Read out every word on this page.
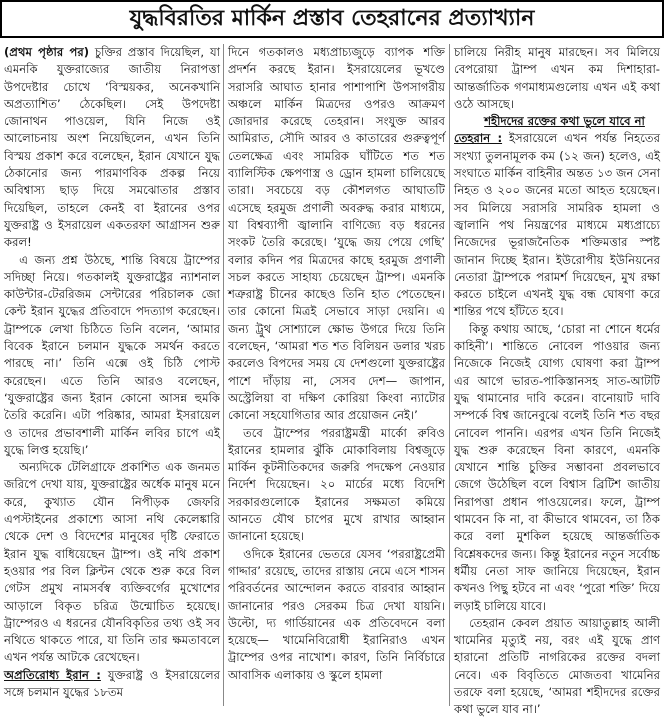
যুদ্ধবিরতির মার্কিন প্রস্তাব তেহরানের প্রত্যাখ্যান

(প্রথম পৃষ্ঠার পর) চুক্তির প্রস্তাব দিয়েছিল, যা এমনকি যুক্তরাজ্যের জাতীয় নিরাপত্তা উপদেষ্টার চোখে ‘বিস্ময়কর, অনেকখানি অপ্রত্যাশিত’ ঠেকেছিল। সেই উপদেষ্টা জোনাথন পাওয়েল, যিনি নিজে ওই আলোচনায় অংশ নিয়েছিলেন, এখন তিনি বিস্ময় প্রকাশ করে বলেছেন, ইরান যেখানে যুদ্ধ ঠেকানোর জন্য পারমাণবিক প্রকল্প নিয়ে অবিশ্বাস্য ছাড় দিয়ে সমঝোতার প্রস্তাব দিয়েছিল, তাহলে কেনই বা ইরানের ওপর যুক্তরাষ্ট্র ও ইসরায়েল একতরফা আগ্রাসন শুরু করল!

এ জন্য প্রশ্ন উঠছে, শান্তি বিষয়ে ট্রাম্পের সদিচ্ছা নিয়ে। গতকালই যুক্তরাষ্ট্রের ন্যাশনাল কাউন্টার-টেররিজম সেন্টারের পরিচালক জো কেন্ট ইরান যুদ্ধের প্রতিবাদে পদত্যাগ করেছেন। ট্রাম্পকে লেখা চিঠিতে তিনি বলেন, ‘আমার বিবেক ইরানে চলমান যুদ্ধকে সমর্থন করতে পারছে না।’ তিনি এক্সে ওই চিঠি পোস্ট করেছেন। এতে তিনি আরও বলেছেন, ‘যুক্তরাষ্ট্রের জন্য ইরান কোনো আসন্ন হুমকি তৈরি করেনি। এটা পরিষ্কার, আমরা ইসরায়েল ও তাদের প্রভাবশালী মার্কিন লবির চাপে এই যুদ্ধে লিপ্ত হয়েছি।’

অন্যদিকে টেলিগ্রাফে প্রকাশিত এক জনমত জরিপে দেখা যায়, যুক্তরাষ্ট্রের অর্ধেক মানুষ মনে করে, কুখ্যাত যৌন নিপীড়ক জেফরি এপস্টাইনের প্রকাশ্যে আসা নথি কেলেঙ্কারি থেকে দেশ ও বিদেশের মানুষের দৃষ্টি ফেরাতে ইরান যুদ্ধ বাধিয়েছেন ট্রাম্প। ওই নথি প্রকাশ হওয়ার পর বিল ক্লিন্টন থেকে শুরু করে বিল গেটস প্রমুখ নামসর্বস্ব ব্যক্তিবর্গের মুখোশের আড়ালে বিকৃত চরিত্র উন্মোচিত হয়েছে। ট্রাম্পেরও এ ধরনের যৌনবিকৃতির তথ্য ওই সব নথিতে থাকতে পারে, যা তিনি তার ক্ষমতাবলে এখন পর্যন্ত আটকে রেখেছেন।

অপ্রতিরোধ্য ইরান : যুক্তরাষ্ট্র ও ইসরায়েলের সঙ্গে চলমান যুদ্ধের ১৮তম

দিনে গতকালও মধ্যপ্রাচ্যজুড়ে ব্যাপক শক্তি প্রদর্শন করছে ইরান। ইসরায়েলের ভূখণ্ডে সরাসরি আঘাত হানার পাশাপাশি উপসাগরীয় অঞ্চলে মার্কিন মিত্রদের ওপরও আক্রমণ জোরদার করেছে তেহরান। সংযুক্ত আরব আমিরাত, সৌদি আরব ও কাতারের গুরুত্বপূর্ণ তেলক্ষেত্র এবং সামরিক ঘাঁটিতে শত শত ব্যালিস্টিক ক্ষেপণাস্ত্র ও ড্রোন হামলা চালিয়েছে তারা। সবচেয়ে বড় কৌশলগত আঘাতটি এসেছে হরমুজ প্রণালী অবরুদ্ধ করার মাধ্যমে, যা বিশ্বব্যাপী জ্বালানি বাণিজ্যে বড় ধরনের সংকট তৈরি করেছে। ‘যুদ্ধে জয় পেয়ে গেছি’ বলার কদিন পর মিত্রদের কাছে হরমুজ প্রণালী সচল করতে সাহায্য চেয়েছেন ট্রাম্প। এমনকি শত্রুরাষ্ট্র চীনের কাছেও তিনি হাত পেতেছেন। তার কোনো মিত্রই সেভাবে সাড়া দেয়নি। এ জন্য ট্রুথ সোশ্যালে ক্ষোভ উগরে দিয়ে তিনি বলেছেন, ‘আমরা শত শত বিলিয়ন ডলার খরচ করলেও বিপদের সময় যে দেশগুলো যুক্তরাষ্ট্রের পাশে দাঁড়ায় না, সেসব দেশ— জাপান, অস্ট্রেলিয়া বা দক্ষিণ কোরিয়া কিংবা ন্যাটোর কোনো সহযোগিতার আর প্রয়োজন নেই।’

তবে ট্রাম্পের পররাষ্ট্রমন্ত্রী মার্কো রুবিও ইরানের হামলার ঝুঁকি মোকাবিলায় বিশ্বজুড়ে মার্কিন কূটনীতিকদের জরুরি পদক্ষেপ নেওয়ার নির্দেশ দিয়েছেন। ২০ মার্চের মধ্যে বিদেশি সরকারগুলোকে ইরানের সক্ষমতা কমিয়ে আনতে যৌথ চাপের মুখে রাখার আহ্বান জানানো হয়েছে।

ওদিকে ইরানের ভেতরে যেসব ‘পররাষ্ট্রপ্রেমী গাদ্দার’ রয়েছে, তাদের রাস্তায় নেমে এসে শাসন পরিবর্তনের আন্দোলন করতে বারবার আহ্বান জানানোর পরও সেরকম চিত্র দেখা যায়নি। উল্টো, দ্য গার্ডিয়ানের এক প্রতিবেদনে বলা হয়েছে— খামেনিবিরোধী ইরানিরাও এখন ট্রাম্পের ওপর নাখোশ। কারণ, তিনি নির্বিচারে আবাসিক এলাকায় ও স্কুলে হামলা

চালিয়ে নিরীহ মানুষ মারছেন। সব মিলিয়ে বেপরোয়া ট্রাম্প এখন কম দিশাহারা- আন্তর্জাতিক গণমাধ্যমগুলোয় এখন এই কথা ওঠে আসছে।

শহীদদের রক্তের কথা ভুলে যাবে না

তেহরান : ইসরায়েলে এখন পর্যন্ত নিহতের সংখ্যা তুলনামূলক কম (১২ জন) হলেও, এই সংঘাতে মার্কিন বাহিনীর অন্তত ১৩ জন সেনা নিহত ও ২০০ জনের মতো আহত হয়েছেন। সব মিলিয়ে সরাসরি সামরিক হামলা ও জ্বালানি পথ নিয়ন্ত্রণের মাধ্যমে মধ্যপ্রাচ্যে নিজেদের ভূরাজনৈতিক শক্তিমত্তার স্পষ্ট জানান দিচ্ছে ইরান। ইউরোপীয় ইউনিয়নের নেতারা ট্রাম্পকে পরামর্শ দিয়েছেন, মুখ রক্ষা করতে চাইলে এখনই যুদ্ধ বন্ধ ঘোষণা করে শান্তির পথে হাঁটতে হবে।

কিন্তু কথায় আছে, ‘চোরা না শোনে ধর্মের কাহিনী’। শান্তিতে নোবেল পাওয়ার জন্য নিজেকে নিজেই যোগ্য ঘোষণা করা ট্রাম্প এর আগে ভারত-পাকিস্তানসহ সাত-আটটি যুদ্ধ থামানোর দাবি করেন। বানোয়াট দাবি সম্পর্কে বিশ্ব জানেবুঝে বলেই তিনি শত বছর নোবেল পাননি। এরপর এখন তিনি নিজেই যুদ্ধ শুরু করেছেন বিনা কারণে, এমনকি যেখানে শান্তি চুক্তির সম্ভাবনা প্রবলভাবে জেগে উঠেছিল বলে বিশ্বাস ব্রিটিশ জাতীয় নিরাপত্তা প্রধান পাওয়েলের। ফলে, ট্রাম্প থামবেন কি না, বা কীভাবে থামবেন, তা ঠিক করে বলা মুশকিল হয়েছে আন্তর্জাতিক বিশ্লেষকদের জন্য। কিন্তু ইরানের নতুন সর্বোচ্চ ধর্মীয় নেতা সাফ জানিয়ে দিয়েছেন, ইরান কখনও পিছু হটবে না এবং ‘পুরো শক্তি’ দিয়ে লড়াই চালিয়ে যাবে।

তেহরান কেবল প্রয়াত আয়াতুল্লাহ আলী খামেনির মৃত্যুই নয়, বরং এই যুদ্ধে প্রাণ হারানো প্রতিটি নাগরিকের রক্তের বদলা নেবে। এক বিবৃতিতে মোজতবা খামেনির তরফে বলা হয়েছে, ‘আমরা শহীদদের রক্তের কথা ভুলে যাব না।’
